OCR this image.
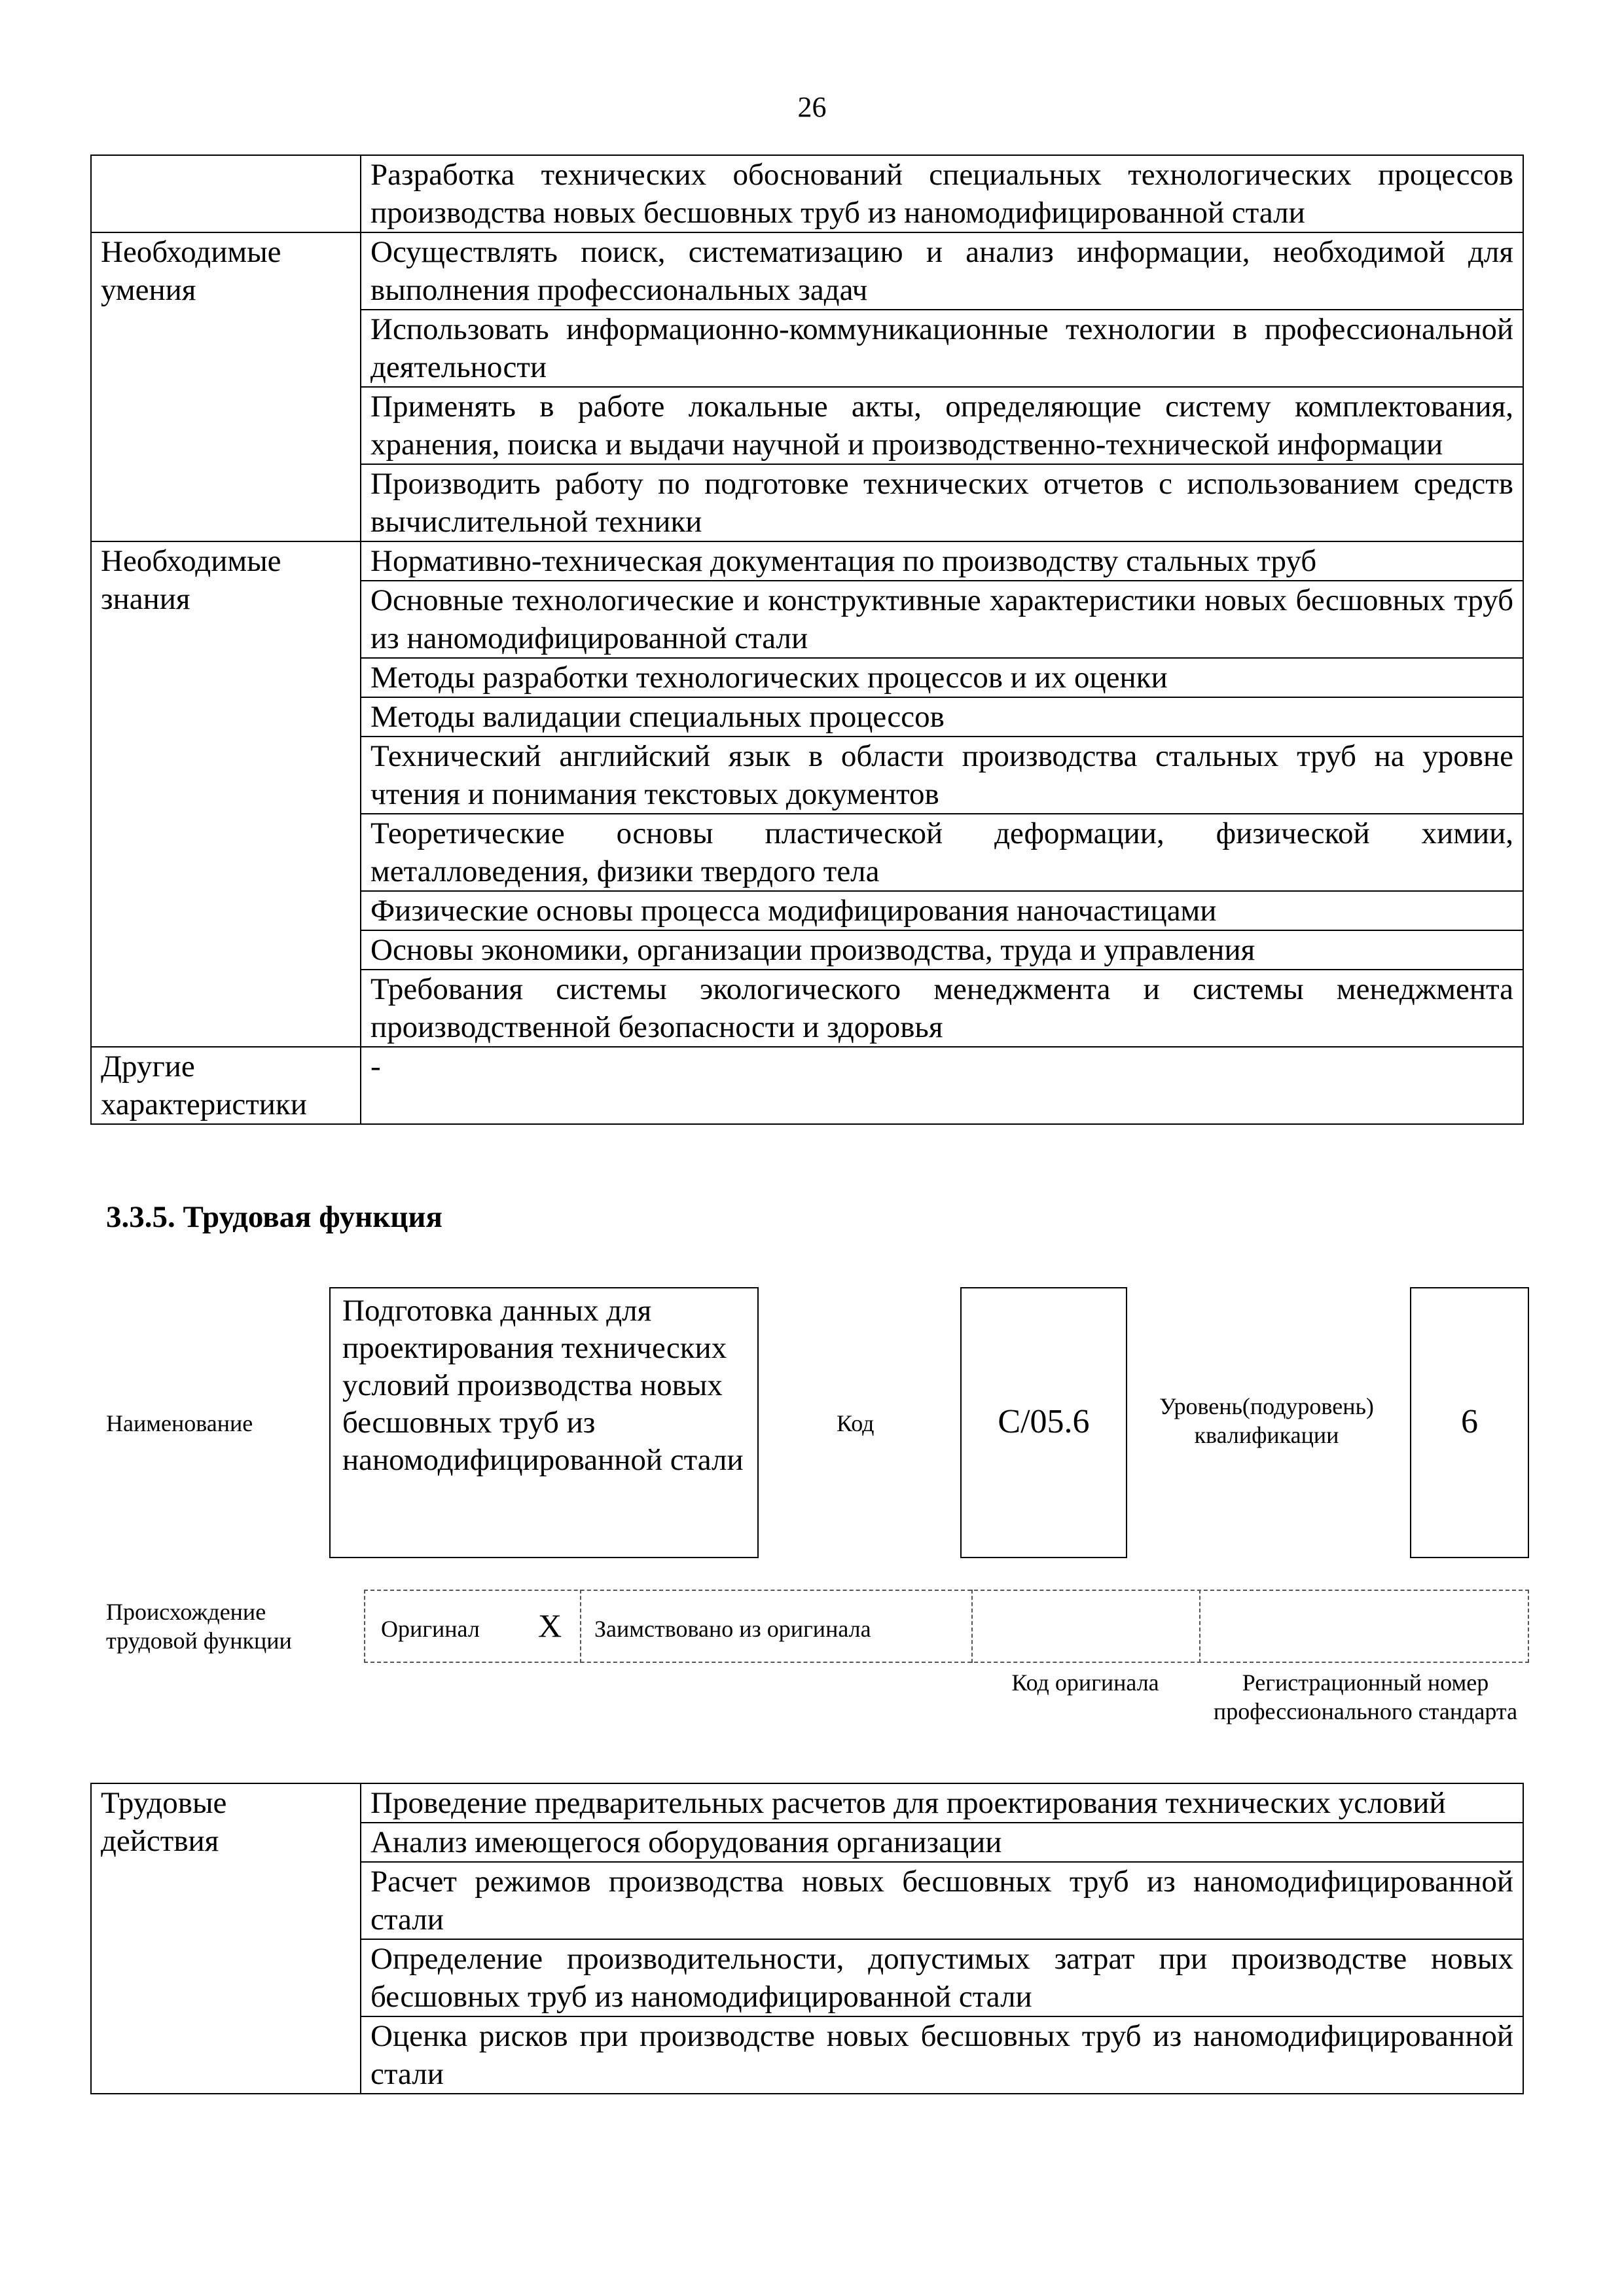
26
	Разработка технических обоснований специальных технологических процессов производства новых бесшовных труб из наномодифицированной стали
Необходимые умения	Осуществлять поиск, систематизацию и анализ информации, необходимой для выполнения профессиональных задач
	Использовать информационно-коммуникационные технологии в профессиональной деятельности
	Применять в работе локальные акты, определяющие систему комплектования, хранения, поиска и выдачи научной и производственно-технической информации
	Производить работу по подготовке технических отчетов с использованием средств вычислительной техники
Необходимые знания	Нормативно-техническая документация по производству стальных труб
	Основные технологические и конструктивные характеристики новых бесшовных труб из наномодифицированной стали
	Методы разработки технологических процессов и их оценки
	Методы валидации специальных процессов
	Технический английский язык в области производства стальных труб на уровне чтения и понимания текстовых документов
	Теоретические основы пластической деформации, физической химии, металловедения, физики твердого тела
	Физические основы процесса модифицирования наночастицами
	Основы экономики, организации производства, труда и управления
	Требования системы экологического менеджмента и системы менеджмента производственной безопасности и здоровья
Другие характеристики	-
3.3.5. Трудовая функция
Наименование
Подготовка данных для проектирования технических условий производства новых бесшовных труб из наномодифицированной стали
Код	C/05.6	Уровень(подуровень) квалификации	6
Происхождение трудовой функции	Оригинал X Заимствовано из оригинала
Код оригинала	Регистрационный номер профессионального стандарта
Трудовые действия	Проведение предварительных расчетов для проектирования технических условий
Анализ имеющегося оборудования организации
Расчет режимов производства новых бесшовных труб из наномодифицированной стали
Определение производительности, допустимых затрат при производстве новых бесшовных труб из наномодифицированной стали
Оценка рисков при производстве новых бесшовных труб из наномодифицированной стали
